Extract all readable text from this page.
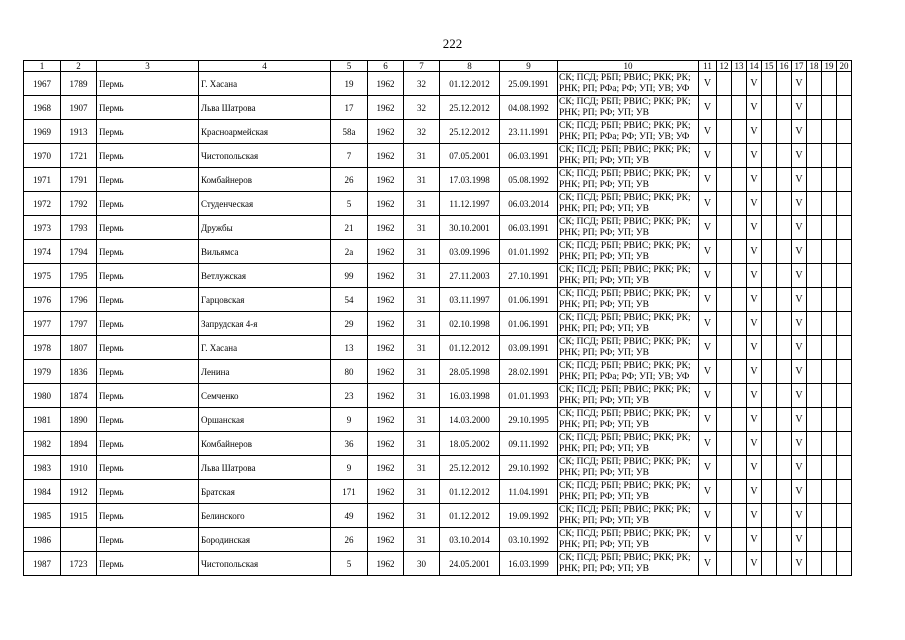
222
1	2	3	4	5	6	7	8	9	10	11	12	13	14	15	16	17	18	19	20
1967	1789	Пермь	Г. Хасана	19	1962	32	01.12.2012	25.09.1991	СК; ПСД; РБП; РВИС; РКК; РК;
РНК; РП; РФа; РФ; УП; УВ; УФ	V			V			V			
1968	1907	Пермь	Льва Шатрова	17	1962	32	25.12.2012	04.08.1992	СК; ПСД; РБП; РВИС; РКК; РК;
РНК; РП; РФ; УП; УВ	V			V			V			
1969	1913	Пермь	Красноармейская	58а	1962	32	25.12.2012	23.11.1991	СК; ПСД; РБП; РВИС; РКК; РК;
РНК; РП; РФа; РФ; УП; УВ; УФ	V			V			V			
1970	1721	Пермь	Чистопольская	7	1962	31	07.05.2001	06.03.1991	СК; ПСД; РБП; РВИС; РКК; РК;
РНК; РП; РФ; УП; УВ	V			V			V			
1971	1791	Пермь	Комбайнеров	26	1962	31	17.03.1998	05.08.1992	СК; ПСД; РБП; РВИС; РКК; РК;
РНК; РП; РФ; УП; УВ	V			V			V			
1972	1792	Пермь	Студенческая	5	1962	31	11.12.1997	06.03.2014	СК; ПСД; РБП; РВИС; РКК; РК;
РНК; РП; РФ; УП; УВ	V			V			V			
1973	1793	Пермь	Дружбы	21	1962	31	30.10.2001	06.03.1991	СК; ПСД; РБП; РВИС; РКК; РК;
РНК; РП; РФ; УП; УВ	V			V			V			
1974	1794	Пермь	Вильямса	2а	1962	31	03.09.1996	01.01.1992	СК; ПСД; РБП; РВИС; РКК; РК;
РНК; РП; РФ; УП; УВ	V			V			V			
1975	1795	Пермь	Ветлужская	99	1962	31	27.11.2003	27.10.1991	СК; ПСД; РБП; РВИС; РКК; РК;
РНК; РП; РФ; УП; УВ	V			V			V			
1976	1796	Пермь	Гарцовская	54	1962	31	03.11.1997	01.06.1991	СК; ПСД; РБП; РВИС; РКК; РК;
РНК; РП; РФ; УП; УВ	V			V			V			
1977	1797	Пермь	Запрудская 4-я	29	1962	31	02.10.1998	01.06.1991	СК; ПСД; РБП; РВИС; РКК; РК;
РНК; РП; РФ; УП; УВ	V			V			V			
1978	1807	Пермь	Г. Хасана	13	1962	31	01.12.2012	03.09.1991	СК; ПСД; РБП; РВИС; РКК; РК;
РНК; РП; РФ; УП; УВ	V			V			V			
1979	1836	Пермь	Ленина	80	1962	31	28.05.1998	28.02.1991	СК; ПСД; РБП; РВИС; РКК; РК;
РНК; РП; РФа; РФ; УП; УВ; УФ	V			V			V			
1980	1874	Пермь	Семченко	23	1962	31	16.03.1998	01.01.1993	СК; ПСД; РБП; РВИС; РКК; РК;
РНК; РП; РФ; УП; УВ	V			V			V			
1981	1890	Пермь	Оршанская	9	1962	31	14.03.2000	29.10.1995	СК; ПСД; РБП; РВИС; РКК; РК;
РНК; РП; РФ; УП; УВ	V			V			V			
1982	1894	Пермь	Комбайнеров	36	1962	31	18.05.2002	09.11.1992	СК; ПСД; РБП; РВИС; РКК; РК;
РНК; РП; РФ; УП; УВ	V			V			V			
1983	1910	Пермь	Льва Шатрова	9	1962	31	25.12.2012	29.10.1992	СК; ПСД; РБП; РВИС; РКК; РК;
РНК; РП; РФ; УП; УВ	V			V			V			
1984	1912	Пермь	Братская	171	1962	31	01.12.2012	11.04.1991	СК; ПСД; РБП; РВИС; РКК; РК;
РНК; РП; РФ; УП; УВ	V			V			V			
1985	1915	Пермь	Белинского	49	1962	31	01.12.2012	19.09.1992	СК; ПСД; РБП; РВИС; РКК; РК;
РНК; РП; РФ; УП; УВ	V			V			V			
1986		Пермь	Бородинская	26	1962	31	03.10.2014	03.10.1992	СК; ПСД; РБП; РВИС; РКК; РК;
РНК; РП; РФ; УП; УВ	V			V			V			
1987	1723	Пермь	Чистопольская	5	1962	30	24.05.2001	16.03.1999	СК; ПСД; РБП; РВИС; РКК; РК;
РНК; РП; РФ; УП; УВ	V			V			V			
